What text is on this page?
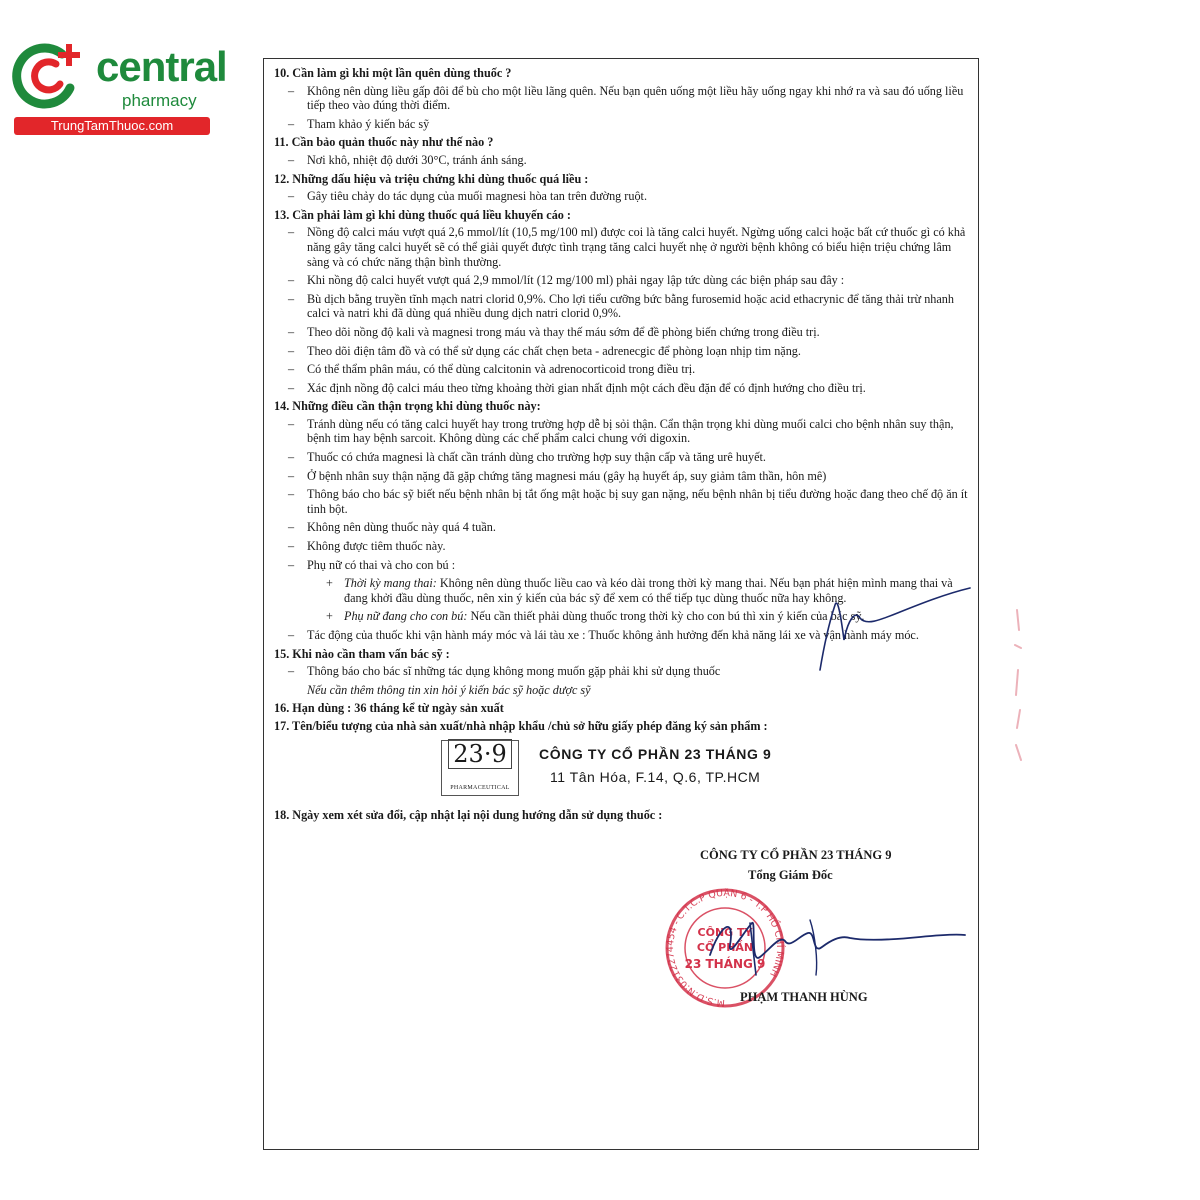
central
pharmacy
TrungTamThuoc.com
10. Cần làm gì khi một lần quên dùng thuốc ?
– Không nên dùng liều gấp đôi để bù cho một liều lãng quên. Nếu bạn quên uống một liều hãy uống ngay khi nhớ ra và sau đó uống liều tiếp theo vào đúng thời điểm.
– Tham khảo ý kiến bác sỹ
11. Cần bảo quản thuốc này như thế nào ?
– Nơi khô, nhiệt độ dưới 30°C, tránh ánh sáng.
12. Những dấu hiệu và triệu chứng khi dùng thuốc quá liều :
– Gây tiêu chảy do tác dụng của muối magnesi hòa tan trên đường ruột.
13. Cần phải làm gì khi dùng thuốc quá liều khuyến cáo :
– Nồng độ calci máu vượt quá 2,6 mmol/lít (10,5 mg/100 ml) được coi là tăng calci huyết. Ngừng uống calci hoặc bất cứ thuốc gì có khả năng gây tăng calci huyết sẽ có thể giải quyết được tình trạng tăng calci huyết nhẹ ở người bệnh không có biểu hiện triệu chứng lâm sàng và có chức năng thận bình thường.
– Khi nồng độ calci huyết vượt quá 2,9 mmol/lít (12 mg/100 ml) phải ngay lập tức dùng các biện pháp sau đây :
– Bù dịch bằng truyền tĩnh mạch natri clorid 0,9%. Cho lợi tiểu cưỡng bức bằng furosemid hoặc acid ethacrynic để tăng thải trừ nhanh calci và natri khi đã dùng quá nhiều dung dịch natri clorid 0,9%.
– Theo dõi nồng độ kali và magnesi trong máu và thay thế máu sớm để đề phòng biến chứng trong điều trị.
– Theo dõi điện tâm đồ và có thể sử dụng các chất chẹn beta - adrenecgic để phòng loạn nhịp tim nặng.
– Có thể thẩm phân máu, có thể dùng calcitonin và adrenocorticoid trong điều trị.
– Xác định nồng độ calci máu theo từng khoảng thời gian nhất định một cách đều đặn để có định hướng cho điều trị.
14. Những điều cần thận trọng khi dùng thuốc này:
– Tránh dùng nếu có tăng calci huyết hay trong trường hợp dễ bị sỏi thận. Cẩn thận trọng khi dùng muối calci cho bệnh nhân suy thận, bệnh tim hay bệnh sarcoit. Không dùng các chế phẩm calci chung với digoxin.
– Thuốc có chứa magnesi là chất cần tránh dùng cho trường hợp suy thận cấp và tăng urê huyết.
– Ở bệnh nhân suy thận nặng đã gặp chứng tăng magnesi máu (gây hạ huyết áp, suy giảm tâm thần, hôn mê)
– Thông báo cho bác sỹ biết nếu bệnh nhân bị tắt ống mật hoặc bị suy gan nặng, nếu bệnh nhân bị tiểu đường hoặc đang theo chế độ ăn ít tinh bột.
– Không nên dùng thuốc này quá 4 tuần.
– Không được tiêm thuốc này.
– Phụ nữ có thai và cho con bú :
+ Thời kỳ mang thai: Không nên dùng thuốc liều cao và kéo dài trong thời kỳ mang thai. Nếu bạn phát hiện mình mang thai và đang khởi đầu dùng thuốc, nên xin ý kiến của bác sỹ để xem có thể tiếp tục dùng thuốc nữa hay không.
+ Phụ nữ đang cho con bú: Nếu cần thiết phải dùng thuốc trong thời kỳ cho con bú thì xin ý kiến của bác sỹ.
– Tác động của thuốc khi vận hành máy móc và lái tàu xe : Thuốc không ảnh hưởng đến khả năng lái xe và vận hành máy móc.
15. Khi nào cần tham vấn bác sỹ :
– Thông báo cho bác sĩ những tác dụng không mong muốn gặp phải khi sử dụng thuốc
Nếu cần thêm thông tin xin hỏi ý kiến bác sỹ hoặc dược sỹ
16. Hạn dùng : 36 tháng kể từ ngày sản xuất
17. Tên/biểu tượng của nhà sản xuất/nhà nhập khẩu /chủ sở hữu giấy phép đăng ký sản phẩm :
23·9
PHARMACEUTICAL
CÔNG TY CỔ PHẦN 23 THÁNG 9
11 Tân Hóa, F.14, Q.6, TP.HCM
18. Ngày xem xét sửa đổi, cập nhật lại nội dung hướng dẫn sử dụng thuốc :
CÔNG TY CỔ PHẦN 23 THÁNG 9
Tổng Giám Đốc
M.S.D.N:0312274454 - C.T.C.P QUẬN 6 - T.P HỒ CHÍ MINH
CÔNG TY
CỔ PHẦN
23 THÁNG 9
PHẠM THANH HÙNG
